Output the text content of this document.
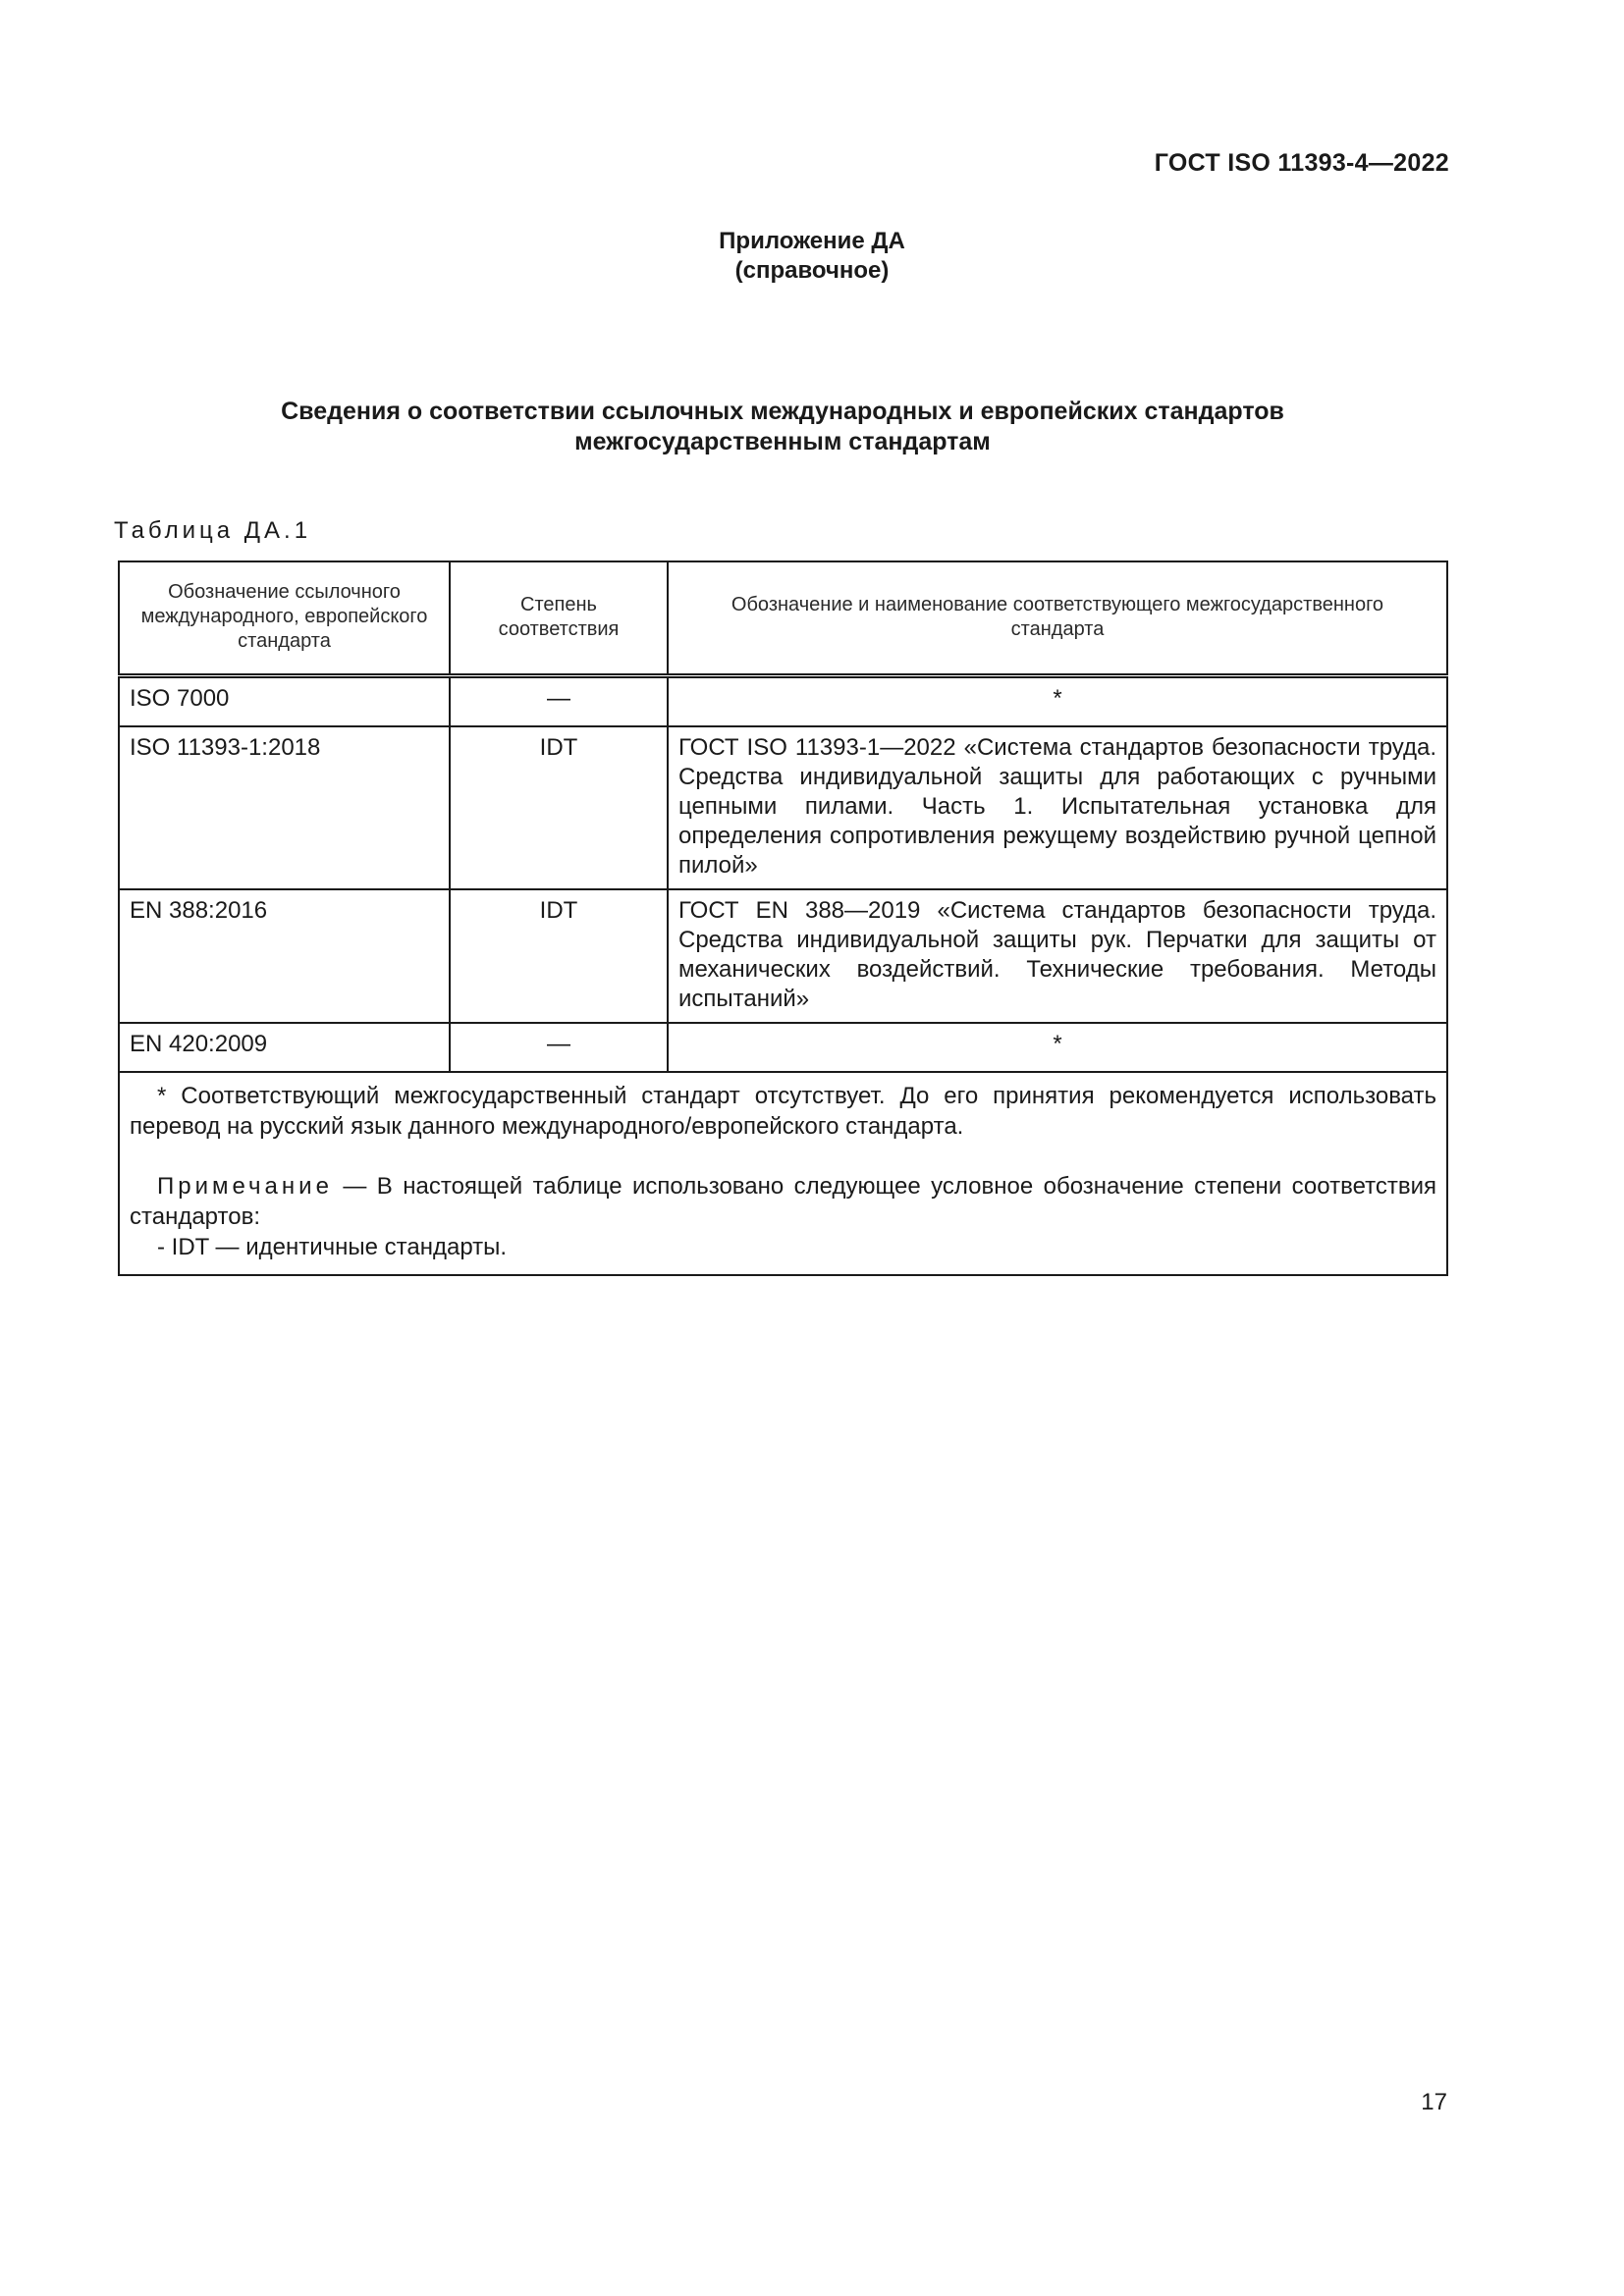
ГОСТ ISO 11393-4—2022
Приложение ДА
(справочное)
Сведения о соответствии ссылочных международных и европейских стандартов
межгосударственным стандартам
Таблица ДА.1
Обозначение ссылочного международного, европейского стандарта	Степень соответствия	Обозначение и наименование соответствующего межгосударственного стандарта
ISO 7000	—	*
ISO 11393-1:2018	IDT	ГОСТ ISO 11393-1—2022 «Система стандартов безопасности труда. Средства индивидуальной защиты для работающих с ручными цепными пилами. Часть 1. Испытательная установка для определения сопротивления режущему воздействию ручной цепной пилой»
EN 388:2016	IDT	ГОСТ EN 388—2019 «Система стандартов безопасности труда. Средства индивидуальной защиты рук. Перчатки для защиты от механических воздействий. Технические требования. Методы испытаний»
EN 420:2009	—	*

* Соответствующий межгосударственный стандарт отсутствует. До его принятия рекомендуется использовать перевод на русский язык данного международного/европейского стандарта.
Примечание — В настоящей таблице использовано следующее условное обозначение степени соответствия стандартов:
- IDT — идентичные стандарты.		
17
